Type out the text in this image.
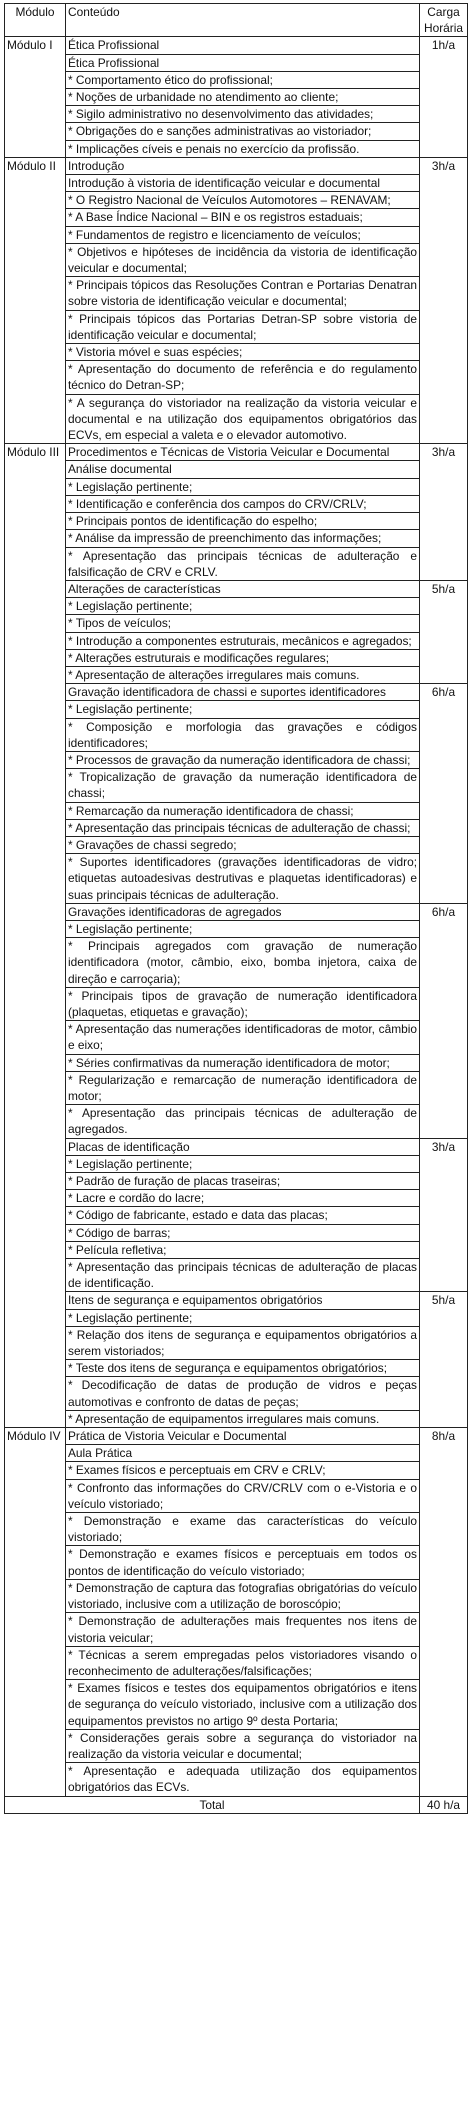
Módulo	Conteúdo	Carga Horária
Módulo I	Ética Profissional	1h/a
	Ética Profissional	
	* Comportamento ético do profissional;	
	* Noções de urbanidade no atendimento ao cliente;	
	* Sigilo administrativo no desenvolvimento das atividades;	
	* Obrigações do e sanções administrativas ao vistoriador;	
	* Implicações cíveis e penais no exercício da profissão.	
Módulo II	Introdução	3h/a
	Introdução à vistoria de identificação veicular e documental	
	* O Registro Nacional de Veículos Automotores – RENAVAM;	
	* A Base Índice Nacional – BIN e os registros estaduais;	
	* Fundamentos de registro e licenciamento de veículos;	
	* Objetivos e hipóteses de incidência da vistoria de identificação veicular e documental;	
	* Principais tópicos das Resoluções Contran e Portarias Denatran sobre vistoria de identificação veicular e documental;	
	* Principais tópicos das Portarias Detran-SP sobre vistoria de identificação veicular e documental;	
	* Vistoria móvel e suas espécies;	
	* Apresentação do documento de referência e do regulamento técnico do Detran-SP;	
	* A segurança do vistoriador na realização da vistoria veicular e documental e na utilização dos equipamentos obrigatórios das ECVs, em especial a valeta e o elevador automotivo.	
Módulo III	Procedimentos e Técnicas de Vistoria Veicular e Documental	3h/a
	Análise documental	
	* Legislação pertinente;	
	* Identificação e conferência dos campos do CRV/CRLV;	
	* Principais pontos de identificação do espelho;	
	* Análise da impressão de preenchimento das informações;	
	* Apresentação das principais técnicas de adulteração e falsificação de CRV e CRLV.	
	Alterações de características	5h/a
	* Legislação pertinente;	
	* Tipos de veículos;	
	* Introdução a componentes estruturais, mecânicos e agregados;	
	* Alterações estruturais e modificações regulares;	
	* Apresentação de alterações irregulares mais comuns.	
	Gravação identificadora de chassi e suportes identificadores	6h/a
	* Legislação pertinente;	
	* Composição e morfologia das gravações e códigos identificadores;	
	* Processos de gravação da numeração identificadora de chassi;	
	* Tropicalização de gravação da numeração identificadora de chassi;	
	* Remarcação da numeração identificadora de chassi;	
	* Apresentação das principais técnicas de adulteração de chassi;	
	* Gravações de chassi segredo;	
	* Suportes identificadores (gravações identificadoras de vidro; etiquetas autoadesivas destrutivas e plaquetas identificadoras) e suas principais técnicas de adulteração.	
	Gravações identificadoras de agregados	6h/a
	* Legislação pertinente;	
	* Principais agregados com gravação de numeração identificadora (motor, câmbio, eixo, bomba injetora, caixa de direção e carroçaria);	
	* Principais tipos de gravação de numeração identificadora (plaquetas, etiquetas e gravação);	
	* Apresentação das numerações identificadoras de motor, câmbio e eixo;	
	* Séries confirmativas da numeração identificadora de motor;	
	* Regularização e remarcação de numeração identificadora de motor;	
	* Apresentação das principais técnicas de adulteração de agregados.	
	Placas de identificação	3h/a
	* Legislação pertinente;	
	* Padrão de furação de placas traseiras;	
	* Lacre e cordão do lacre;	
	* Código de fabricante, estado e data das placas;	
	* Código de barras;	
	* Película refletiva;	
	* Apresentação das principais técnicas de adulteração de placas de identificação.	
	Itens de segurança e equipamentos obrigatórios	5h/a
	* Legislação pertinente;	
	* Relação dos itens de segurança e equipamentos obrigatórios a serem vistoriados;	
	* Teste dos itens de segurança e equipamentos obrigatórios;	
	* Decodificação de datas de produção de vidros e peças automotivas e confronto de datas de peças;	
	* Apresentação de equipamentos irregulares mais comuns.	
Módulo IV	Prática de Vistoria Veicular e Documental	8h/a
	Aula Prática	
	* Exames físicos e perceptuais em CRV e CRLV;	
	* Confronto das informações do CRV/CRLV com o e-Vistoria e o veículo vistoriado;	
	* Demonstração e exame das características do veículo vistoriado;	
	* Demonstração e exames físicos e perceptuais em todos os pontos de identificação do veículo vistoriado;	
	* Demonstração de captura das fotografias obrigatórias do veículo vistoriado, inclusive com a utilização de boroscópio;	
	* Demonstração de adulterações mais frequentes nos itens de vistoria veicular;	
	* Técnicas a serem empregadas pelos vistoriadores visando o reconhecimento de adulterações/falsificações;	
	* Exames físicos e testes dos equipamentos obrigatórios e itens de segurança do veículo vistoriado, inclusive com a utilização dos equipamentos previstos no artigo 9º desta Portaria;	
	* Considerações gerais sobre a segurança do vistoriador na realização da vistoria veicular e documental;	
	* Apresentação e adequada utilização dos equipamentos obrigatórios das ECVs.	
Total		40 h/a
